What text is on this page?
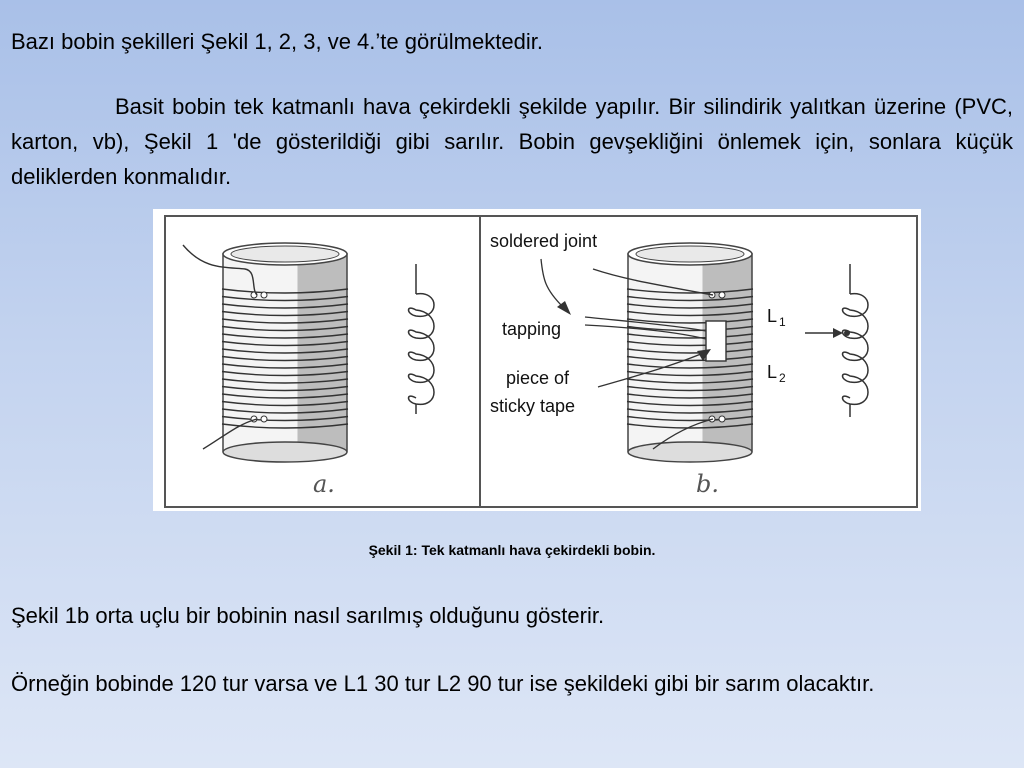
Bazı bobin şekilleri Şekil 1, 2, 3, ve 4.’te görülmektedir.

Basit bobin tek katmanlı hava çekirdekli şekilde yapılır. Bir silindirik yalıtkan üzerine (PVC, karton, vb), Şekil 1 'de gösterildiği gibi sarılır. Bobin gevşekliğini önlemek için, sonlara küçük deliklerden konmalıdır.

a.
soldered joint
tapping
piece of
sticky tape
L 1
L 2
b.
Şekil 1: Tek katmanlı hava çekirdekli bobin.

Şekil 1b orta uçlu bir bobinin nasıl sarılmış olduğunu gösterir.

Örneğin bobinde 120 tur varsa ve L1 30 tur L2 90 tur ise şekildeki gibi bir sarım olacaktır.
